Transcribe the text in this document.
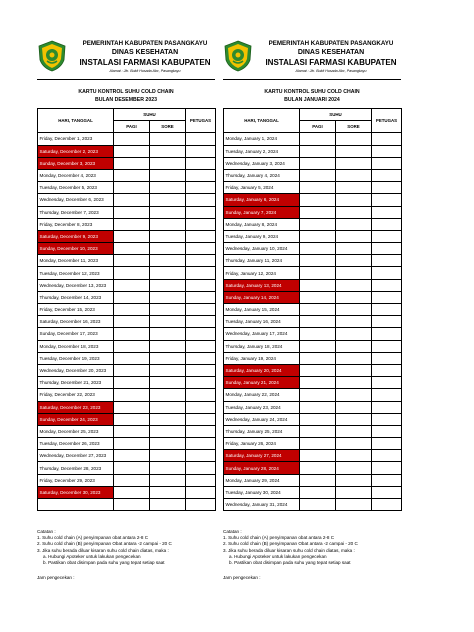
PEMERINTAH KABUPATEN PASANGKAYU
DINAS KESEHATAN
INSTALASI FARMASI KABUPATEN
Alamat : Jln. Bukit Husada Abc, Pasangkayu
KARTU KONTROL SUHU COLD CHAIN
BULAN DESEMBER 2023
HARI, TANGGAL	SUHU		PETUGAS
	PAGI	SORE	
Friday, December 1, 2023			
Saturday, December 2, 2023			
Sunday, December 3, 2023			
Monday, December 4, 2023			
Tuesday, December 5, 2023			
Wednesday, December 6, 2023			
Thursday, December 7, 2023			
Friday, December 8, 2023			
Saturday, December 9, 2023			
Sunday, December 10, 2023			
Monday, December 11, 2023			
Tuesday, December 12, 2023			
Wednesday, December 13, 2023			
Thursday, December 14, 2023			
Friday, December 15, 2023			
Saturday, December 16, 2023			
Sunday, December 17, 2023			
Monday, December 18, 2023			
Tuesday, December 19, 2023			
Wednesday, December 20, 2023			
Thursday, December 21, 2023			
Friday, December 22, 2023			
Saturday, December 23, 2023			
Sunday, December 24, 2023			
Monday, December 25, 2023			
Tuesday, December 26, 2023			
Wednesday, December 27, 2023			
Thursday, December 28, 2023			
Friday, December 29, 2023			
Saturday, December 30, 2023			

PEMERINTAH KABUPATEN PASANGKAYU
DINAS KESEHATAN
INSTALASI FARMASI KABUPATEN
Alamat : Jln. Bukit Husada Abc, Pasangkayu
KARTU KONTROL SUHU COLD CHAIN
BULAN JANUARI 2024
HARI, TANGGAL	SUHU		PETUGAS
	PAGI	SORE	
Monday, January 1, 2024			
Tuesday, January 2, 2024			
Wednesday, January 3, 2024			
Thursday, January 4, 2024			
Friday, January 5, 2024			
Saturday, January 6, 2024			
Sunday, January 7, 2024			
Monday, January 8, 2024			
Tuesday, January 9, 2024			
Wednesday, January 10, 2024			
Thursday, January 11, 2024			
Friday, January 12, 2024			
Saturday, January 13, 2024			
Sunday, January 14, 2024			
Monday, January 15, 2024			
Tuesday, January 16, 2024			
Wednesday, January 17, 2024			
Thursday, January 18, 2024			
Friday, January 19, 2024			
Saturday, January 20, 2024			
Sunday, January 21, 2024			
Monday, January 22, 2024			
Tuesday, January 23, 2024			
Wednesday, January 24, 2024			
Thursday, January 25, 2024			
Friday, January 26, 2024			
Saturday, January 27, 2024			
Sunday, January 28, 2024			
Monday, January 29, 2024			
Tuesday, January 30, 2024			
Wednesday, January 31, 2024			
Catatan :
1. Suhu cold chain (A) penyimpanan obat antara 2-8 C
2. Suhu cold chain (B) penyimpanan Obat antara -2 campai - 20 C
3. Jika suhu berada diluar kisaran suhu cold chain diatas, maka :
a. Hubungi Apoteker untuk lakukan pengecekan
b. Pastikan obat disimpan pada suhu yang tepat setiap saat
Jam pengecekan :
Catatan :
1. Suhu cold chain (A) penyimpanan obat antara 2-8 C
2. Suhu cold chain (B) penyimpanan Obat antara -2 campai - 20 C
3. Jika suhu berada diluar kisaran suhu cold chain diatas, maka :
a. Hubungi Apoteker untuk lakukan pengecekan
b. Pastikan obat disimpan pada suhu yang tepat setiap saat
Jam pengecekan :
